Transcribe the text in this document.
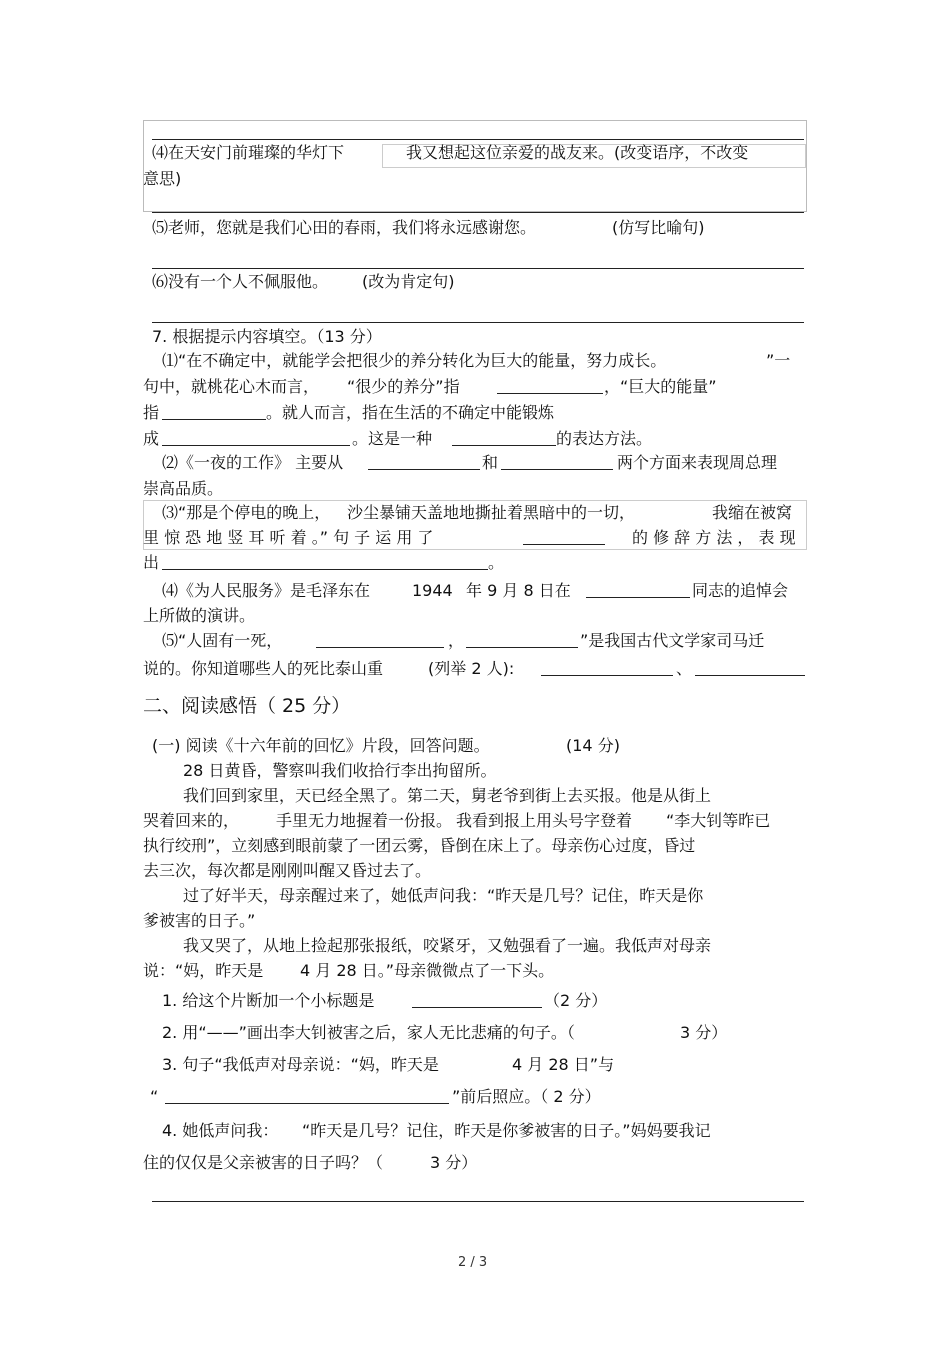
⑷在天安门前璀璨的华灯下	我又想起这位亲爱的战友来。(改变语序，不改变
意思)
⑸老师，您就是我们心田的春雨，我们将永远感谢您。	(仿写比喻句)
⑹没有一个人不佩服他。 (改为肯定句)
7. 根据提示内容填空。（13 分）
⑴“在不确定中，就能学会把很少的养分转化为巨大的能量，努力成长。	”一
句中，就桃花心木而言， “很少的养分”指	，“巨大的能量”
指	。就人而言，指在生活的不确定中能锻炼
成	。这是一种	的表达方法。
⑵《一夜的工作》 主要从	和	两个方面来表现周总理
崇高品质。
⑶“那是个停电的晚上， 沙尘暴铺天盖地地撕扯着黑暗中的一切，	我缩在被窝
里 惊 恐 地 竖 耳 听 着 。” 句 子 运 用 了	的 修 辞 方 法 ， 表 现
出	。
⑷《为人民服务》是毛泽东在	1944 年 9 月 8 日在	同志的追悼会
上所做的演讲。
⑸“人固有一死，	，	”是我国古代文学家司马迁
说的。你知道哪些人的死比泰山重	(列举 2 人):	、
二、阅读感悟（ 25 分）
(一) 阅读《十六年前的回忆》片段，回答问题。	(14 分)
28 日黄昏，警察叫我们收拾行李出拘留所。
我们回到家里，天已经全黑了。第二天，舅老爷到街上去买报。他是从街上
哭着回来的， 手里无力地握着一份报。 我看到报上用头号字登着 “李大钊等昨已
执行绞刑”，立刻感到眼前蒙了一团云雾，昏倒在床上了。母亲伤心过度，昏过
去三次，每次都是刚刚叫醒又昏过去了。
过了好半天，母亲醒过来了，她低声问我：“昨天是几号？记住，昨天是你
爹被害的日子。”
我又哭了，从地上捡起那张报纸，咬紧牙，又勉强看了一遍。我低声对母亲
说：“妈，昨天是 4 月 28 日。”母亲微微点了一下头。
1. 给这个片断加一个小标题是	（2 分）
2. 用“——”画出李大钊被害之后，家人无比悲痛的句子。（	3 分）
3. 句子“我低声对母亲说：“妈，昨天是	4 月 28 日”与
“	”前后照应。（ 2 分）
4. 她低声问我： “昨天是几号？记住，昨天是你爹被害的日子。”妈妈要我记
住的仅仅是父亲被害的日子吗？（	3 分）
2 / 3
